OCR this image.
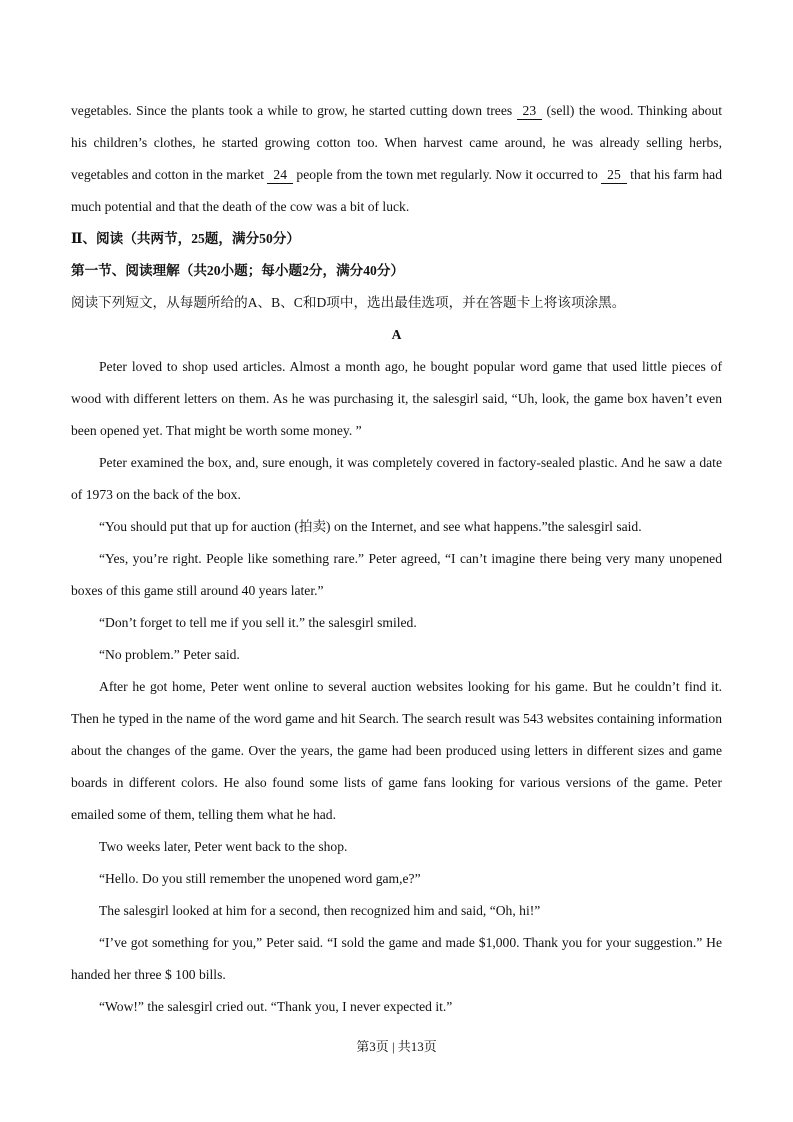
vegetables. Since the plants took a while to grow, he started cutting down trees 23 (sell) the wood. Thinking about his children’s clothes, he started growing cotton too. When harvest came around, he was already selling herbs, vegetables and cotton in the market 24 people from the town met regularly. Now it occurred to 25 that his farm had much potential and that the death of the cow was a bit of luck.

Ⅱ、阅读（共两节，25题，满分50分）

第一节、阅读理解（共20小题；每小题2分，满分40分）

阅读下列短文，从每题所给的A、B、C和D项中，选出最佳选项，并在答题卡上将该项涂黑。

A

Peter loved to shop used articles. Almost a month ago, he bought popular word game that used little pieces of wood with different letters on them. As he was purchasing it, the salesgirl said, “Uh, look, the game box haven’t even been opened yet. That might be worth some money. ”

Peter examined the box, and, sure enough, it was completely covered in factory-sealed plastic. And he saw a date of 1973 on the back of the box.

“You should put that up for auction (拍卖) on the Internet, and see what happens.”the salesgirl said.

“Yes, you’re right. People like something rare.” Peter agreed, “I can’t imagine there being very many unopened boxes of this game still around 40 years later.”

“Don’t forget to tell me if you sell it.” the salesgirl smiled.

“No problem.” Peter said.

After he got home, Peter went online to several auction websites looking for his game. But he couldn’t find it. Then he typed in the name of the word game and hit Search. The search result was 543 websites containing information about the changes of the game. Over the years, the game had been produced using letters in different sizes and game boards in different colors. He also found some lists of game fans looking for various versions of the game. Peter emailed some of them, telling them what he had.

Two weeks later, Peter went back to the shop.

“Hello. Do you still remember the unopened word gam,e?”

The salesgirl looked at him for a second, then recognized him and said, “Oh, hi!”

“I’ve got something for you,” Peter said. “I sold the game and made $1,000. Thank you for your suggestion.” He handed her three $ 100 bills.

“Wow!” the salesgirl cried out. “Thank you, I never expected it.”

第3页 | 共13页
